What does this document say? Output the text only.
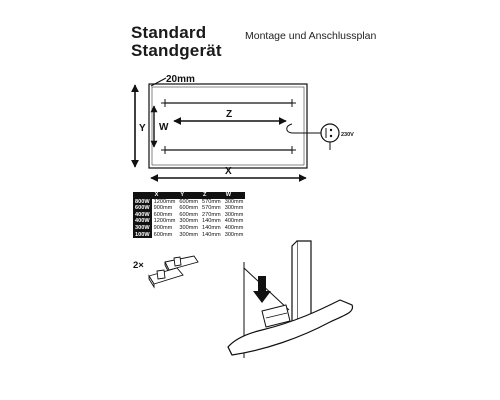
Standard
Standgerät
Montage und Anschlussplan
20mm
Z
W
Y
X
230V
2×
	X	Y	Z	W
800W	1200mm	600mm	570mm	300mm
600W	900mm	600mm	570mm	300mm
400W	600mm	600mm	270mm	300mm
400W	1200mm	300mm	140mm	400mm
300W	900mm	300mm	140mm	400mm
100W	600mm	300mm	140mm	300mm
